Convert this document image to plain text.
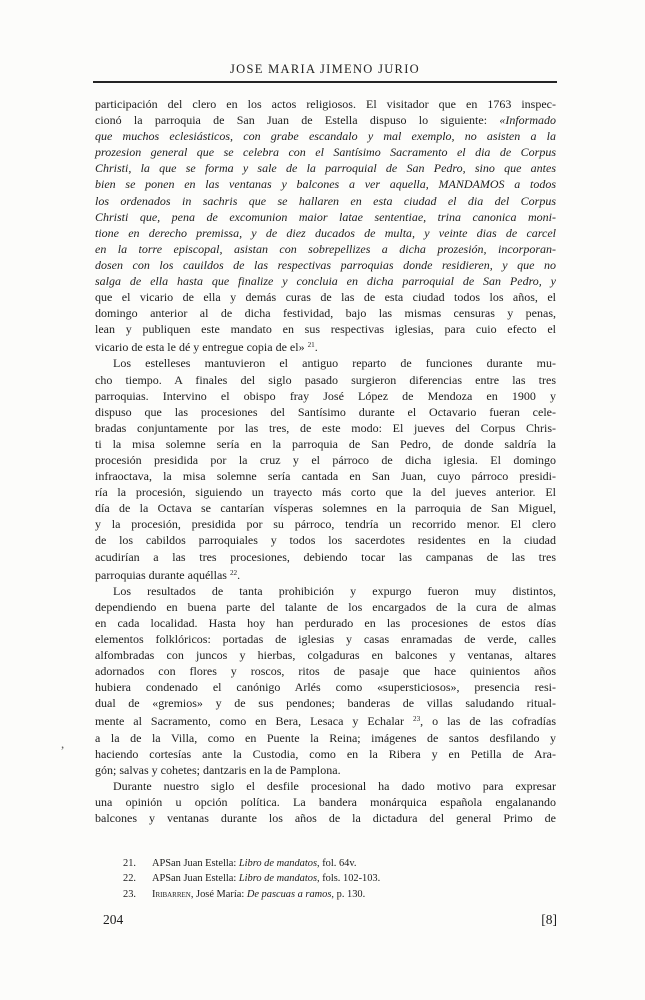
JOSE MARIA JIMENO JURIO
,
participación del clero en los actos religiosos. El visitador que en 1763 inspec-
cionó la parroquia de San Juan de Estella dispuso lo siguiente: «Informado
que muchos eclesiásticos, con grabe escandalo y mal exemplo, no asisten a la
prozesion general que se celebra con el Santísimo Sacramento el dia de Corpus
Christi, la que se forma y sale de la parroquial de San Pedro, sino que antes
bien se ponen en las ventanas y balcones a ver aquella, MANDAMOS a todos
los ordenados in sachris que se hallaren en esta ciudad el dia del Corpus
Christi que, pena de excomunion maior latae sententiae, trina canonica moni-
tione en derecho premissa, y de diez ducados de multa, y veinte dias de carcel
en la torre episcopal, asistan con sobrepellizes a dicha prozesión, incorporan-
dosen con los cauildos de las respectivas parroquias donde residieren, y que no
salga de ella hasta que finalize y concluia en dicha parroquial de San Pedro, y
que el vicario de ella y demás curas de las de esta ciudad todos los años, el
domingo anterior al de dicha festividad, bajo las mismas censuras y penas,
lean y publiquen este mandato en sus respectivas iglesias, para cuio efecto el
vicario de esta le dé y entregue copia de el» $^{21}$.
Los estelleses mantuvieron el antiguo reparto de funciones durante mu-
cho tiempo. A finales del siglo pasado surgieron diferencias entre las tres
parroquias. Intervino el obispo fray José López de Mendoza en 1900 y
dispuso que las procesiones del Santísimo durante el Octavario fueran cele-
bradas conjuntamente por las tres, de este modo: El jueves del Corpus Chris-
ti la misa solemne sería en la parroquia de San Pedro, de donde saldría la
procesión presidida por la cruz y el párroco de dicha iglesia. El domingo
infraoctava, la misa solemne sería cantada en San Juan, cuyo párroco presidi-
ría la procesión, siguiendo un trayecto más corto que la del jueves anterior. El
día de la Octava se cantarían vísperas solemnes en la parroquia de San Miguel,
y la procesión, presidida por su párroco, tendría un recorrido menor. El clero
de los cabildos parroquiales y todos los sacerdotes residentes en la ciudad
acudirían a las tres procesiones, debiendo tocar las campanas de las tres
parroquias durante aquéllas $^{22}$.
Los resultados de tanta prohibición y expurgo fueron muy distintos,
dependiendo en buena parte del talante de los encargados de la cura de almas
en cada localidad. Hasta hoy han perdurado en las procesiones de estos días
elementos folklóricos: portadas de iglesias y casas enramadas de verde, calles
alfombradas con juncos y hierbas, colgaduras en balcones y ventanas, altares
adornados con flores y roscos, ritos de pasaje que hace quinientos años
hubiera condenado el canónigo Arlés como «supersticiosos», presencia resi-
dual de «gremios» y de sus pendones; banderas de villas saludando ritual-
mente al Sacramento, como en Bera, Lesaca y Echalar $^{23}$, o las de las cofradías
a la de la Villa, como en Puente la Reina; imágenes de santos desfilando y
haciendo cortesías ante la Custodia, como en la Ribera y en Petilla de Ara-
gón; salvas y cohetes; dantzaris en la de Pamplona.
Durante nuestro siglo el desfile procesional ha dado motivo para expresar
una opinión u opción política. La bandera monárquica española engalanando
balcones y ventanas durante los años de la dictadura del general Primo de
21.	APSan Juan Estella: Libro de mandatos, fol. 64v.
22.	APSan Juan Estella: Libro de mandatos, fols. 102-103.
23.	Iribarren, José María: De pascuas a ramos, p. 130.
204	[8]
